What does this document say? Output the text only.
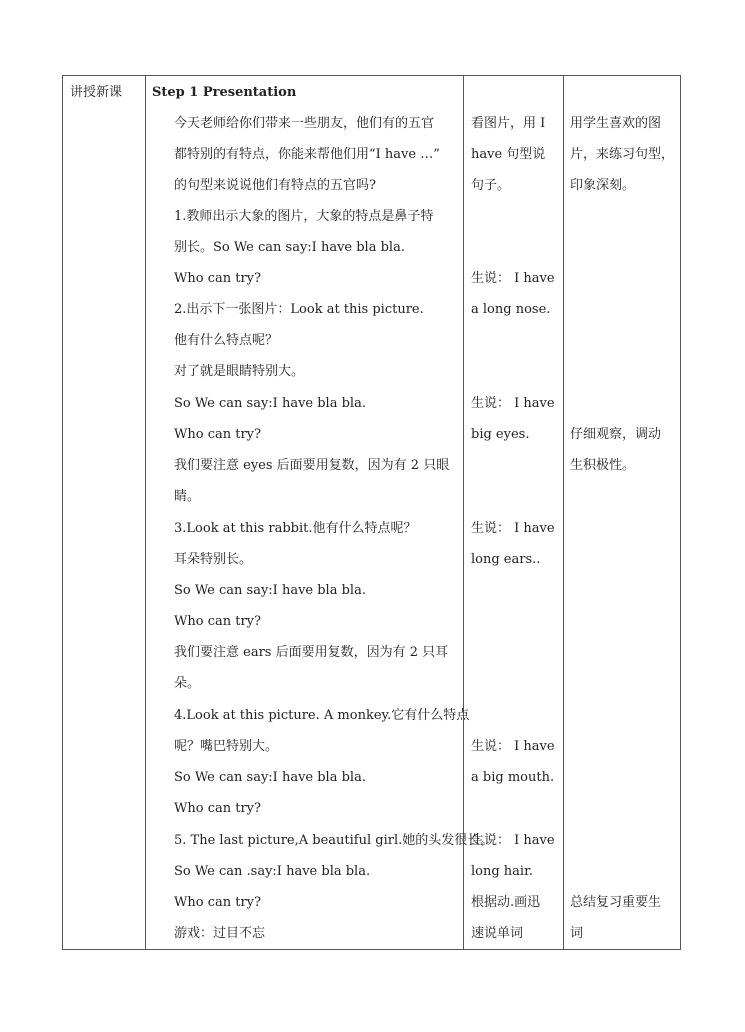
讲授新课 Step 1 Presentation
今天老师给你们带来一些朋友，他们有的五官
都特别的有特点，你能来帮他们用“I have …”
的句型来说说他们有特点的五官吗?
1.教师出示大象的图片，大象的特点是鼻子特
别长。So We can say:I have bla bla.
Who can try?
2.出示下一张图片：Look at this picture.
他有什么特点呢？
对了就是眼睛特别大。
So We can say:I have bla bla.
Who can try?
我们要注意 eyes 后面要用复数，因为有 2 只眼
睛。
3.Look at this rabbit.他有什么特点呢？
耳朵特别长。
So We can say:I have bla bla.
Who can try?
我们要注意 ears 后面要用复数，因为有 2 只耳
朵。
4.Look at this picture. A monkey.它有什么特点
呢？嘴巴特别大。
So We can say:I have bla bla.
Who can try?
5. The last picture,A beautiful girl.她的头发很长。
So We can .say:I have bla bla.
Who can try?
游戏：过目不忘
看图片，用 I
have 句型说
句子。
生说： I have
a long nose.
生说： I have
big eyes.
生说： I have
long ears..
生说： I have
a big mouth.
生说： I have
long hair.
根据动.画迅
速说单词
用学生喜欢的图
片，来练习句型，
印象深刻。
仔细观察，调动
生积极性。
总结复习重要生
词
